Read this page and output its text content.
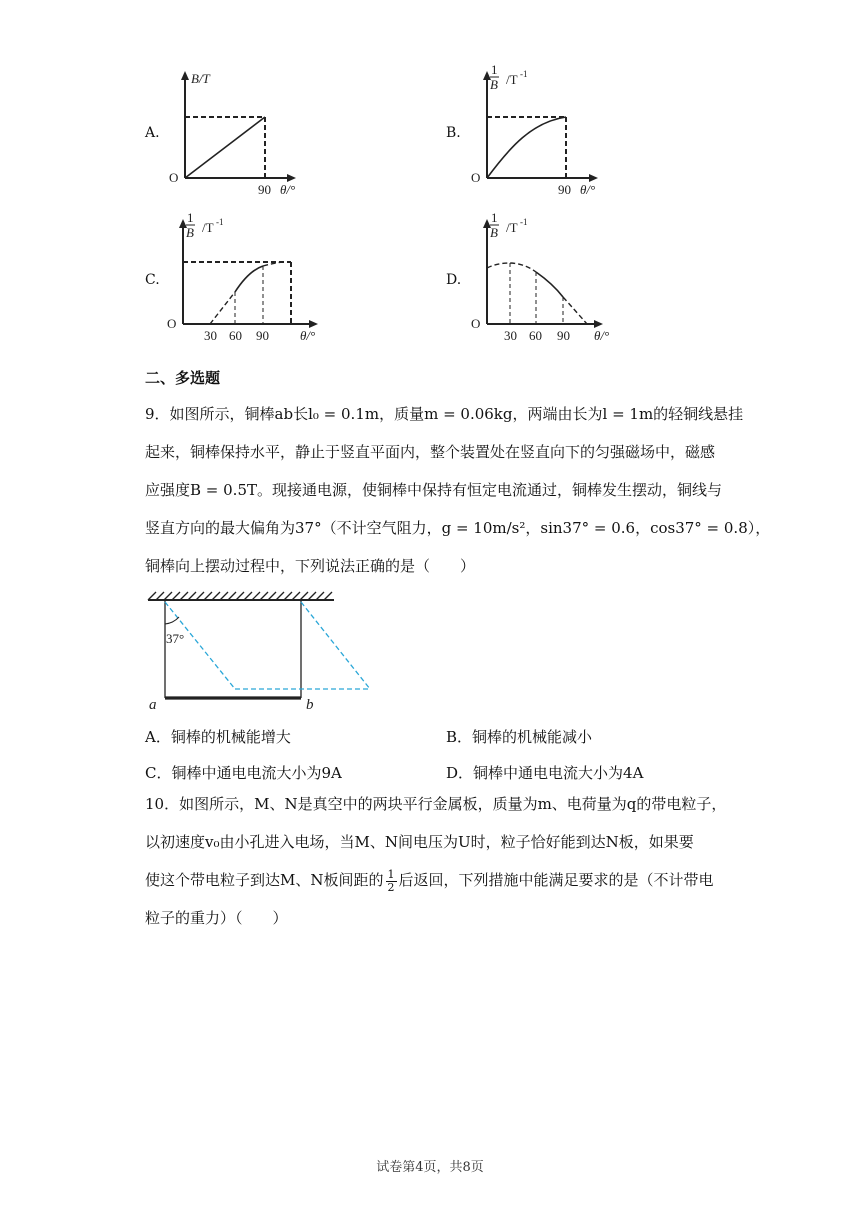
A.
O
B/T
90 θ/°
B.
1
B /T -1
O
90 θ/°
C.
1
B /T -1
O
30 60 90 θ/°
D.
1
B /T -1
O
30 60 90 θ/°
二、多选题
9．如图所示，铜棒ab长l₀ = 0.1m，质量m = 0.06kg，两端由长为l = 1m的轻铜线悬挂
起来，铜棒保持水平，静止于竖直平面内，整个装置处在竖直向下的匀强磁场中，磁感
应强度B = 0.5T。现接通电源，使铜棒中保持有恒定电流通过，铜棒发生摆动，铜线与
竖直方向的最大偏角为37°（不计空气阻力，g = 10m/s²，sin37° = 0.6，cos37° = 0.8），
铜棒向上摆动过程中，下列说法正确的是（　　）
37°
a	b
A．铜棒的机械能增大	B．铜棒的机械能减小
C．铜棒中通电电流大小为9A	D．铜棒中通电电流大小为4A
10．如图所示，M、N是真空中的两块平行金属板，质量为m、电荷量为q的带电粒子，
以初速度v₀由小孔进入电场，当M、N间电压为U时，粒子恰好能到达N板，如果要
使这个带电粒子到达M、N板间距的 $\frac{1}{2}$ 后返回，下列措施中能满足要求的是（不计带电
粒子的重力）（　　）
试卷第4页，共8页
